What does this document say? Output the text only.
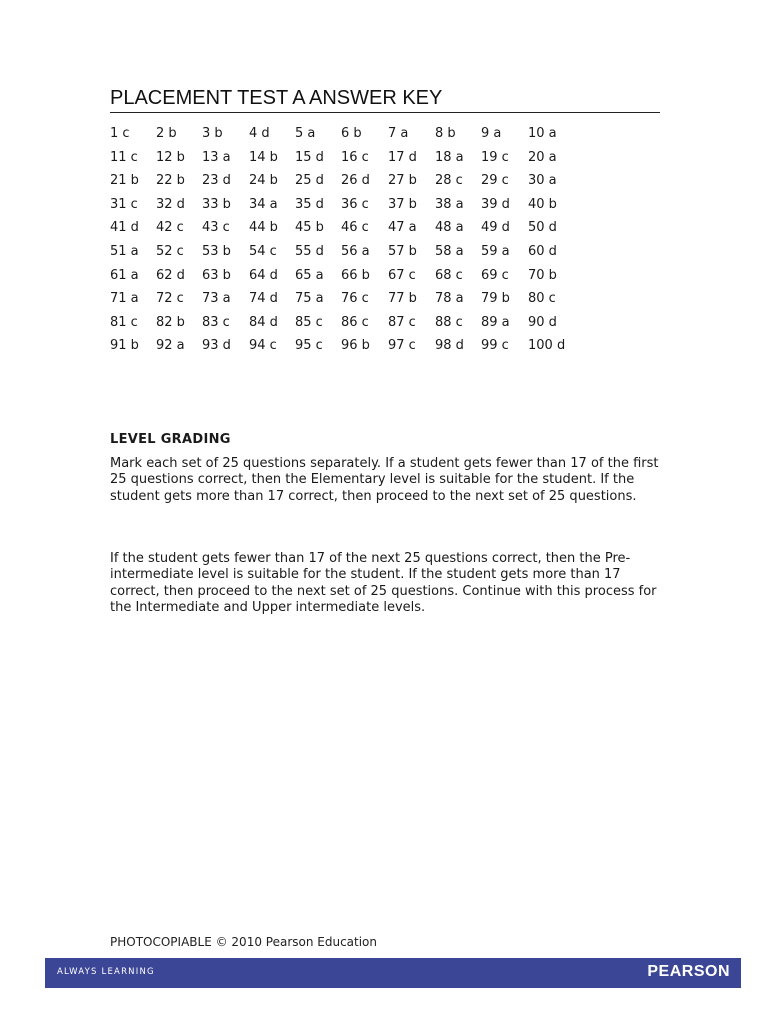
PLACEMENT TEST A ANSWER KEY
1 c 2 b 3 b 4 d 5 a 6 b 7 a 8 b 9 a 10 a
11 c 12 b 13 a 14 b 15 d 16 c 17 d 18 a 19 c 20 a
21 b 22 b 23 d 24 b 25 d 26 d 27 b 28 c 29 c 30 a
31 c 32 d 33 b 34 a 35 d 36 c 37 b 38 a 39 d 40 b
41 d 42 c 43 c 44 b 45 b 46 c 47 a 48 a 49 d 50 d
51 a 52 c 53 b 54 c 55 d 56 a 57 b 58 a 59 a 60 d
61 a 62 d 63 b 64 d 65 a 66 b 67 c 68 c 69 c 70 b
71 a 72 c 73 a 74 d 75 a 76 c 77 b 78 a 79 b 80 c
81 c 82 b 83 c 84 d 85 c 86 c 87 c 88 c 89 a 90 d
91 b 92 a 93 d 94 c 95 c 96 b 97 c 98 d 99 c 100 d
LEVEL GRADING
Mark each set of 25 questions separately. If a student gets fewer than 17 of the first 25 questions correct, then the Elementary level is suitable for the student. If the student gets more than 17 correct, then proceed to the next set of 25 questions.
If the student gets fewer than 17 of the next 25 questions correct, then the Pre-intermediate level is suitable for the student. If the student gets more than 17 correct, then proceed to the next set of 25 questions. Continue with this process for the Intermediate and Upper intermediate levels.
PHOTOCOPIABLE © 2010 Pearson Education
ALWAYS LEARNING	PEARSON
